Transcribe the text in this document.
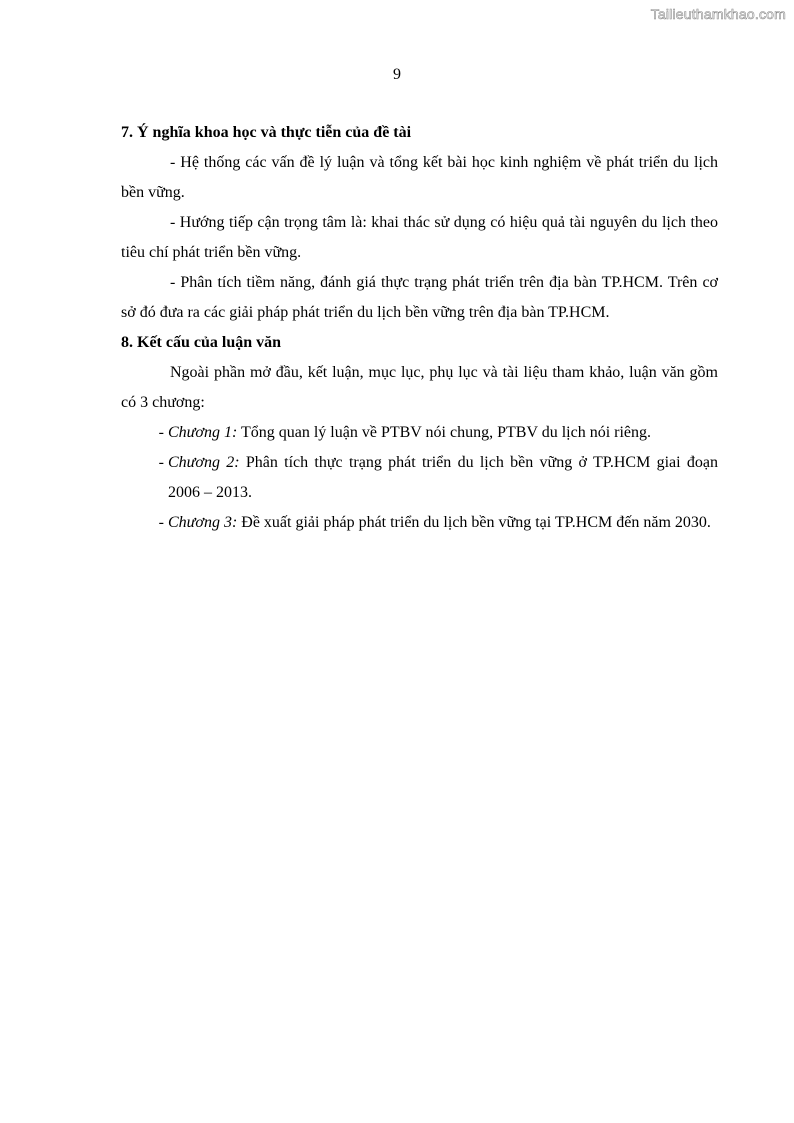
Tailieuthamkhao.com
9

7. Ý nghĩa khoa học và thực tiễn của đề tài

- Hệ thống các vấn đề lý luận và tổng kết bài học kinh nghiệm về phát triển du lịch bền vững.

- Hướng tiếp cận trọng tâm là: khai thác sử dụng có hiệu quả tài nguyên du lịch theo tiêu chí phát triển bền vững.

- Phân tích tiềm năng, đánh giá thực trạng phát triển trên địa bàn TP.HCM. Trên cơ sở đó đưa ra các giải pháp phát triển du lịch bền vững trên địa bàn TP.HCM.

8. Kết cấu của luận văn

Ngoài phần mở đầu, kết luận, mục lục, phụ lục và tài liệu tham khảo, luận văn gồm có 3 chương:

- Chương 1: Tổng quan lý luận về PTBV nói chung, PTBV du lịch nói riêng.
- Chương 2: Phân tích thực trạng phát triển du lịch bền vững ở TP.HCM giai đoạn 2006 – 2013.
- Chương 3: Đề xuất giải pháp phát triển du lịch bền vững tại TP.HCM đến năm 2030.
